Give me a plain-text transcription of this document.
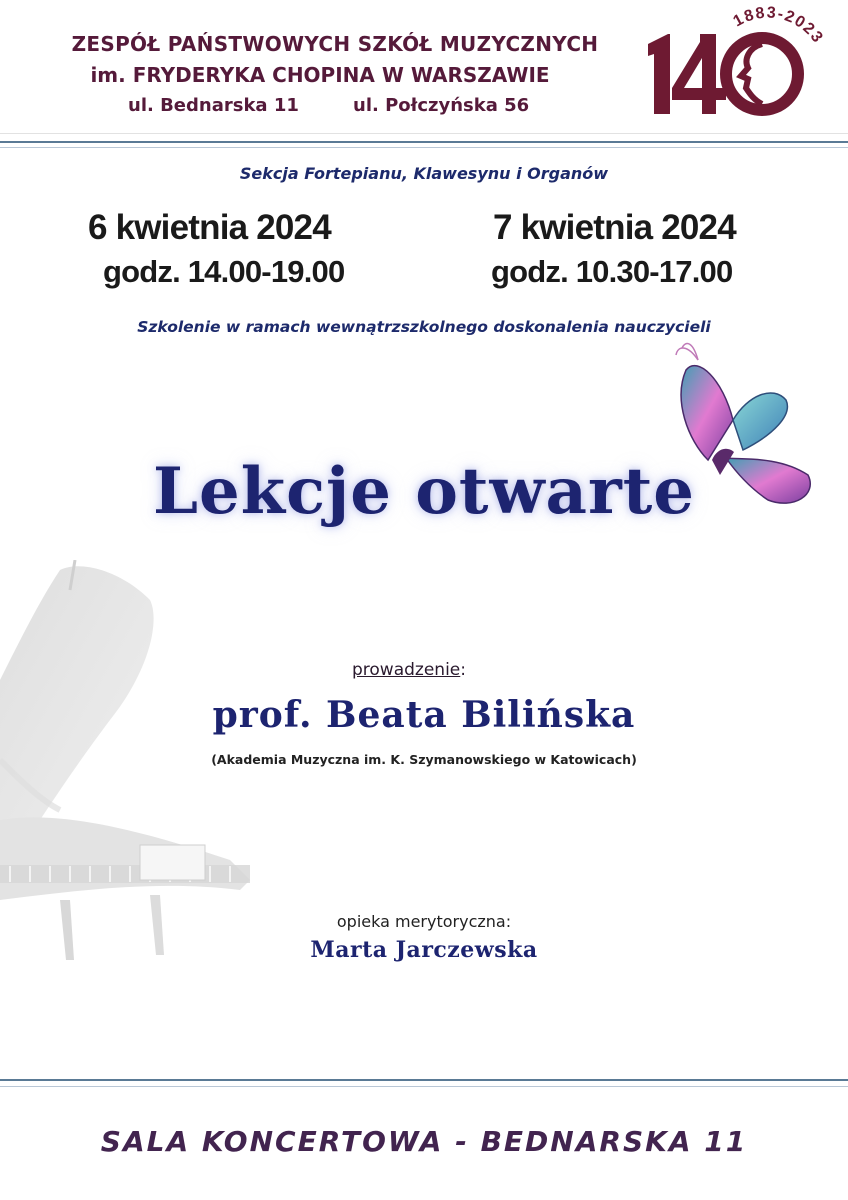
ZESPÓŁ PAŃSTWOWYCH SZKÓŁ MUZYCZNYCH
im. FRYDERYKA CHOPINA W WARSZAWIE
ul. Bednarska 11	ul. Połczyńska 56
1883-2023
Sekcja Fortepianu, Klawesynu i Organów
6 kwietnia 2024
godz. 14.00-19.00
7 kwietnia 2024
godz. 10.30-17.00
Szkolenie w ramach wewnątrzszkolnego doskonalenia nauczycieli
Lekcje otwarte
prowadzenie:
prof. Beata Bilińska
(Akademia Muzyczna im. K. Szymanowskiego w Katowicach)
opieka merytoryczna:
Marta Jarczewska
SALA KONCERTOWA - BEDNARSKA 11
